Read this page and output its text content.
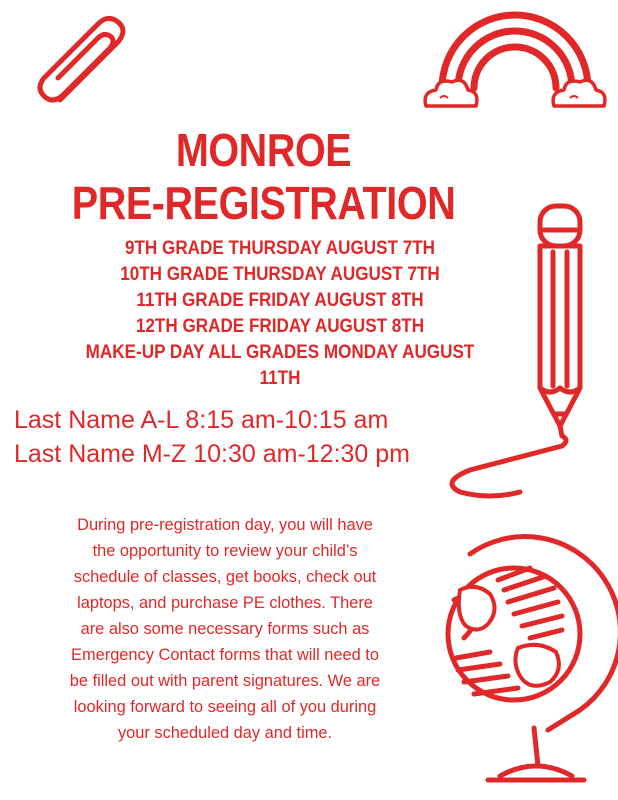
MONROE
PRE-REGISTRATION
9TH GRADE THURSDAY AUGUST 7TH
10TH GRADE THURSDAY AUGUST 7TH
11TH GRADE FRIDAY AUGUST 8TH
12TH GRADE FRIDAY AUGUST 8TH
MAKE-UP DAY ALL GRADES MONDAY AUGUST
11TH
Last Name A-L 8:15 am-10:15 am
Last Name M-Z 10:30 am-12:30 pm
During pre-registration day, you will have
the opportunity to review your child’s
schedule of classes, get books, check out
laptops, and purchase PE clothes. There
are also some necessary forms such as
Emergency Contact forms that will need to
be filled out with parent signatures. We are
looking forward to seeing all of you during
your scheduled day and time.
